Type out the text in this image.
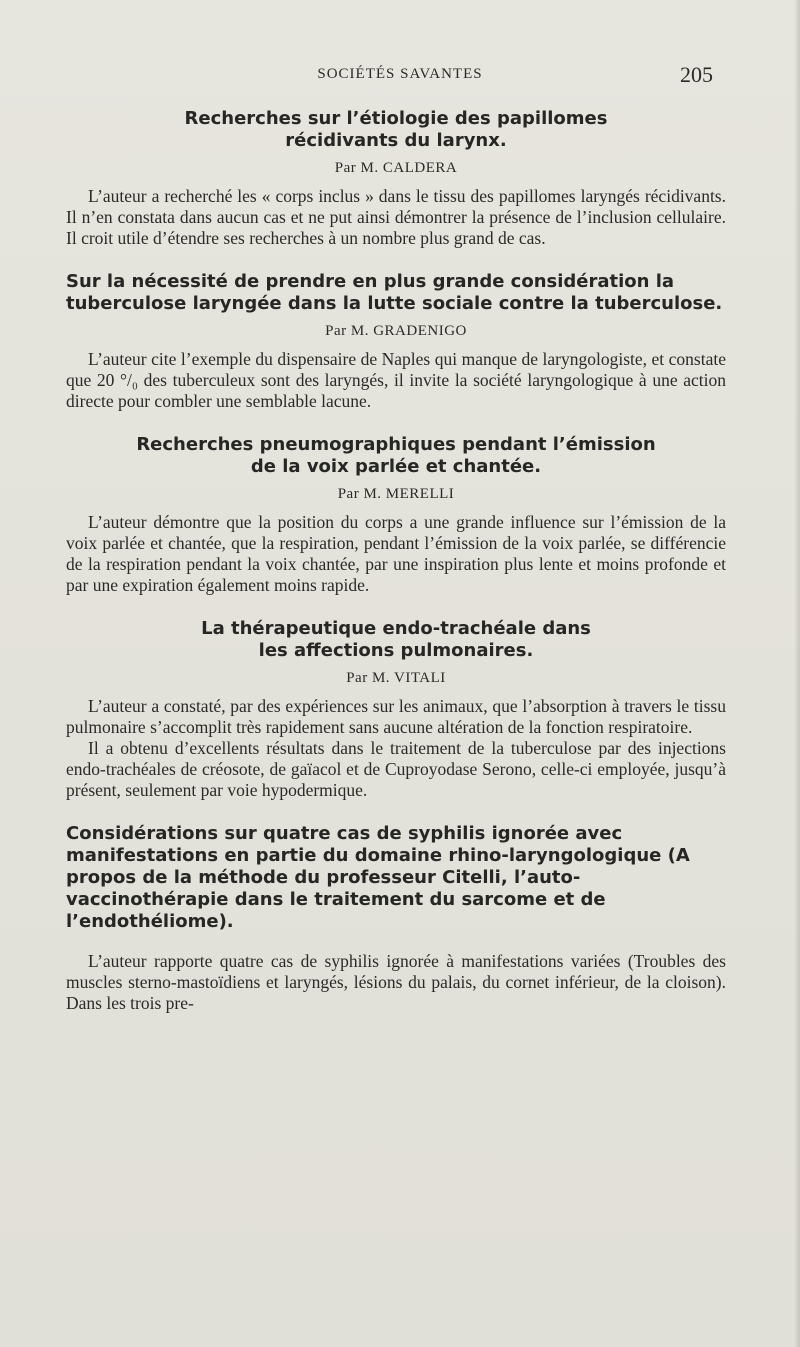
SOCIÉTÉS SAVANTES	205
Recherches sur l’étiologie des papillomes
récidivants du larynx.
Par M. CALDERA

L’auteur a recherché les « corps inclus » dans le tissu des papillomes laryngés récidivants. Il n’en constata dans aucun cas et ne put ainsi démontrer la présence de l’inclusion cellulaire. Il croit utile d’étendre ses recherches à un nombre plus grand de cas.

Sur la nécessité de prendre en plus grande considération la tuberculose laryngée dans la lutte sociale contre la tuberculose.
Par M. GRADENIGO

L’auteur cite l’exemple du dispensaire de Naples qui manque de laryngologiste, et constate que 20 °/₀ des tuberculeux sont des laryngés, il invite la société laryngologique à une action directe pour combler une semblable lacune.

Recherches pneumographiques pendant l’émission
de la voix parlée et chantée.
Par M. MERELLI

L’auteur démontre que la position du corps a une grande influence sur l’émission de la voix parlée et chantée, que la respiration, pendant l’émission de la voix parlée, se différencie de la respiration pendant la voix chantée, par une inspiration plus lente et moins profonde et par une expiration également moins rapide.

La thérapeutique endo-trachéale dans
les affections pulmonaires.
Par M. VITALI

L’auteur a constaté, par des expériences sur les animaux, que l’absorption à travers le tissu pulmonaire s’accomplit très rapidement sans aucune altération de la fonction respiratoire.

Il a obtenu d’excellents résultats dans le traitement de la tuberculose par des injections endo-trachéales de créosote, de gaïacol et de Cuproyodase Serono, celle-ci employée, jusqu’à présent, seulement par voie hypodermique.

Considérations sur quatre cas de syphilis ignorée avec manifestations en partie du domaine rhino-laryngologique (A propos de la méthode du professeur Citelli, l’auto-vaccinothérapie dans le traitement du sarcome et de l’endothéliome).

L’auteur rapporte quatre cas de syphilis ignorée à manifestations variées (Troubles des muscles sterno-mastoïdiens et laryngés, lésions du palais, du cornet inférieur, de la cloison). Dans les trois pre-
